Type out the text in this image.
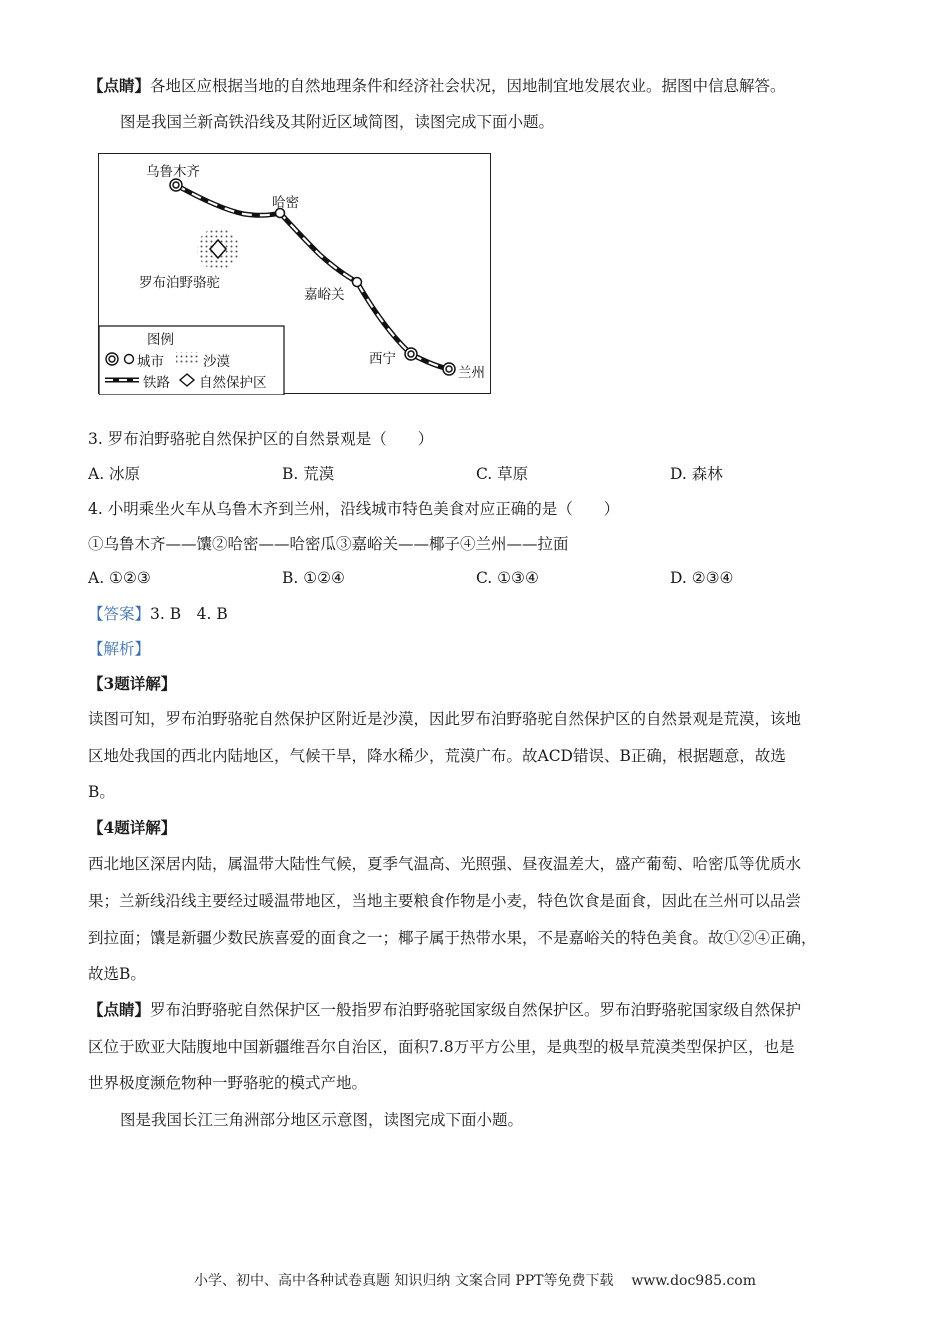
【点睛】各地区应根据当地的自然地理条件和经济社会状况，因地制宜地发展农业。据图中信息解答。
图是我国兰新高铁沿线及其附近区域简图，读图完成下面小题。
乌鲁木齐
哈密
罗布泊野骆驼
嘉峪关
西宁
兰州
图例
城市	沙漠
铁路 自然保护区
3. 罗布泊野骆驼自然保护区的自然景观是（　　）
A. 冰原	B. 荒漠	C. 草原	D. 森林
4. 小明乘坐火车从乌鲁木齐到兰州，沿线城市特色美食对应正确的是（　　）
①乌鲁木齐——馕②哈密——哈密瓜③嘉峪关——椰子④兰州——拉面
A. ①②③	B. ①②④	C. ①③④	D. ②③④
【答案】3. B　4. B
【解析】
【3题详解】
读图可知，罗布泊野骆驼自然保护区附近是沙漠，因此罗布泊野骆驼自然保护区的自然景观是荒漠，该地
区地处我国的西北内陆地区，气候干旱，降水稀少，荒漠广布。故ACD错误、B正确，根据题意，故选
B。
【4题详解】
西北地区深居内陆，属温带大陆性气候，夏季气温高、光照强、昼夜温差大，盛产葡萄、哈密瓜等优质水
果；兰新线沿线主要经过暖温带地区，当地主要粮食作物是小麦，特色饮食是面食，因此在兰州可以品尝
到拉面；馕是新疆少数民族喜爱的面食之一；椰子属于热带水果，不是嘉峪关的特色美食。故①②④正确，
故选B。
【点睛】罗布泊野骆驼自然保护区一般指罗布泊野骆驼国家级自然保护区。罗布泊野骆驼国家级自然保护
区位于欧亚大陆腹地中国新疆维吾尔自治区，面积7.8万平方公里，是典型的极旱荒漠类型保护区，也是
世界极度濒危物种一野骆驼的模式产地。
图是我国长江三角洲部分地区示意图，读图完成下面小题。
小学、初中、高中各种试卷真题 知识归纳 文案合同 PPT等免费下载 www.doc985.com
